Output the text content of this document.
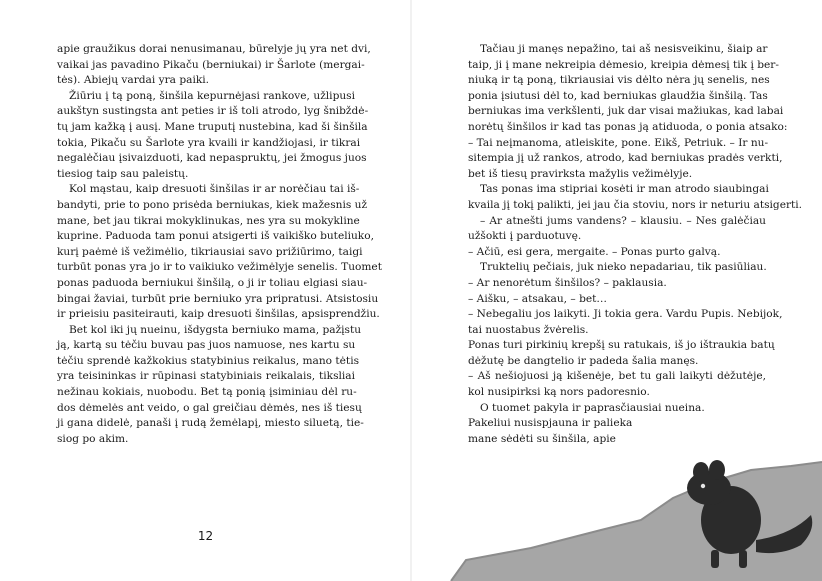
apie graužikus dorai nenusimanau, būrelyje jų yra net dvi,
vaikai jas pavadino Pikaču (berniukai) ir Šarlote (mergai-
tės). Abiejų vardai yra paiki.
Žiūriu į tą poną, šinšila kepurnėjasi rankove, užlipusi
aukštyn sustingsta ant peties ir iš toli atrodo, lyg šnibždė-
tų jam kažką į ausį. Mane truputį nustebina, kad ši šinšila
tokia, Pikaču su Šarlote yra kvaili ir kandžiojasi, ir tikrai
negalėčiau įsivaizduoti, kad nepaspruktų, jei žmogus juos
tiesiog taip sau paleistų.
Kol mąstau, kaip dresuoti šinšilas ir ar norėčiau tai iš-
bandyti, prie to pono prisėda berniukas, kiek mažesnis už
mane, bet jau tikrai mokyklinukas, nes yra su mokykline
kuprine. Paduoda tam ponui atsigerti iš vaikiško buteliuko,
kurį paėmė iš vežimėlio, tikriausiai savo prižiūrimo, taigi
turbūt ponas yra jo ir to vaikiuko vežimėlyje senelis. Tuomet
ponas paduoda berniukui šinšilą, o ji ir toliau elgiasi siau-
bingai žaviai, turbūt prie berniuko yra pripratusi. Atsistosiu
ir prieisiu pasiteirauti, kaip dresuoti šinšilas, apsisprendžiu.
Bet kol iki jų nueinu, išdygsta berniuko mama, pažįstu
ją, kartą su tėčiu buvau pas juos namuose, nes kartu su
tėčiu sprendė kažkokius statybinius reikalus, mano tėtis
yra teisininkas ir rūpinasi statybiniais reikalais, tiksliai
nežinau kokiais, nuobodu. Bet tą ponią įsiminiau dėl ru-
dos dėmelės ant veido, o gal greičiau dėmės, nes iš tiesų
ji gana didelė, panaši į rudą žemėlapį, miesto siluetą, tie-
siog po akim.
12
Tačiau ji manęs nepažino, tai aš nesisveikinu, šiaip ar
taip, ji į mane nekreipia dėmesio, kreipia dėmesį tik į ber-
niuką ir tą poną, tikriausiai vis dėlto nėra jų senelis, nes
ponia įsiutusi dėl to, kad berniukas glaudžia šinšilą. Tas
berniukas ima verkšlenti, juk dar visai mažiukas, kad labai
norėtų šinšilos ir kad tas ponas ją atiduoda, o ponia atsako:
– Tai neįmanoma, atleiskite, pone. Eikš, Petriuk. – Ir nu-
sitempia jį už rankos, atrodo, kad berniukas pradės verkti,
bet iš tiesų pravirksta mažylis vežimėlyje.
Tas ponas ima stipriai kosėti ir man atrodo siaubingai
kvaila jį tokį palikti, jei jau čia stoviu, nors ir neturiu atsigerti.
– Ar atnešti jums vandens? – klausiu. – Nes galėčiau
užšokti į parduotuvę.
– Ačiū, esi gera, mergaite. – Ponas purto galvą.
Truktelių pečiais, juk nieko nepadariau, tik pasiūliau.
– Ar nenorėtum šinšilos? – paklausia.
– Aišku, – atsakau, – bet…
– Nebegaliu jos laikyti. Ji tokia gera. Vardu Pupis. Nebijok,
tai nuostabus žvėrelis.
Ponas turi pirkinių krepšį su ratukais, iš jo ištraukia batų
dėžutę be dangtelio ir padeda šalia manęs.
– Aš nešiojuosi ją kišenėje, bet tu gali laikyti dėžutėje,
kol nusipirksi ką nors padoresnio.
O tuomet pakyla ir paprasčiausiai nueina.
Pakeliui nusispjauna ir palieka
mane sėdėti su šinšila, apie
